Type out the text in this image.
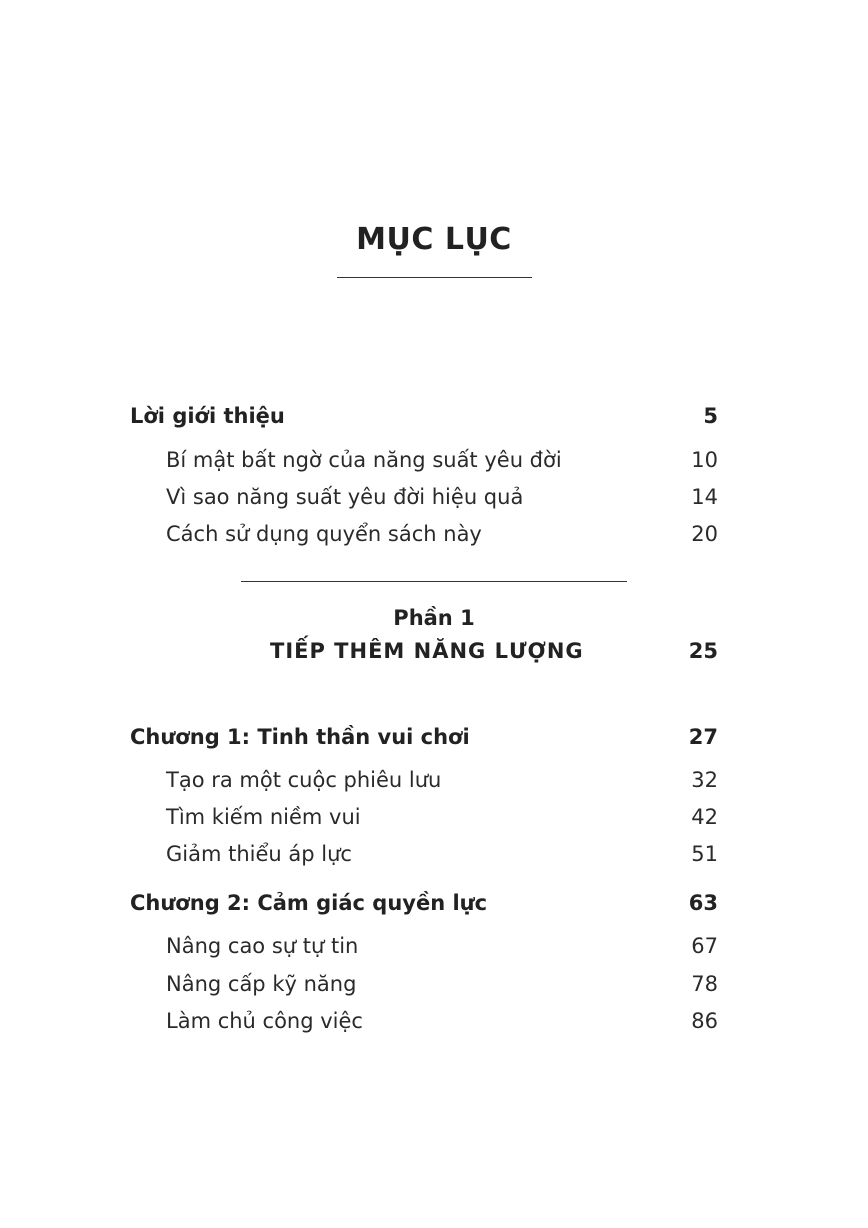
MỤC LỤC
Lời giới thiệu	5
Bí mật bất ngờ của năng suất yêu đời	10
Vì sao năng suất yêu đời hiệu quả	14
Cách sử dụng quyển sách này	20
Phần 1
TIẾP THÊM NĂNG LƯỢNG	25
Chương 1: Tinh thần vui chơi	27
Tạo ra một cuộc phiêu lưu	32
Tìm kiếm niềm vui	42
Giảm thiểu áp lực	51
Chương 2: Cảm giác quyền lực	63
Nâng cao sự tự tin	67
Nâng cấp kỹ năng	78
Làm chủ công việc	86
